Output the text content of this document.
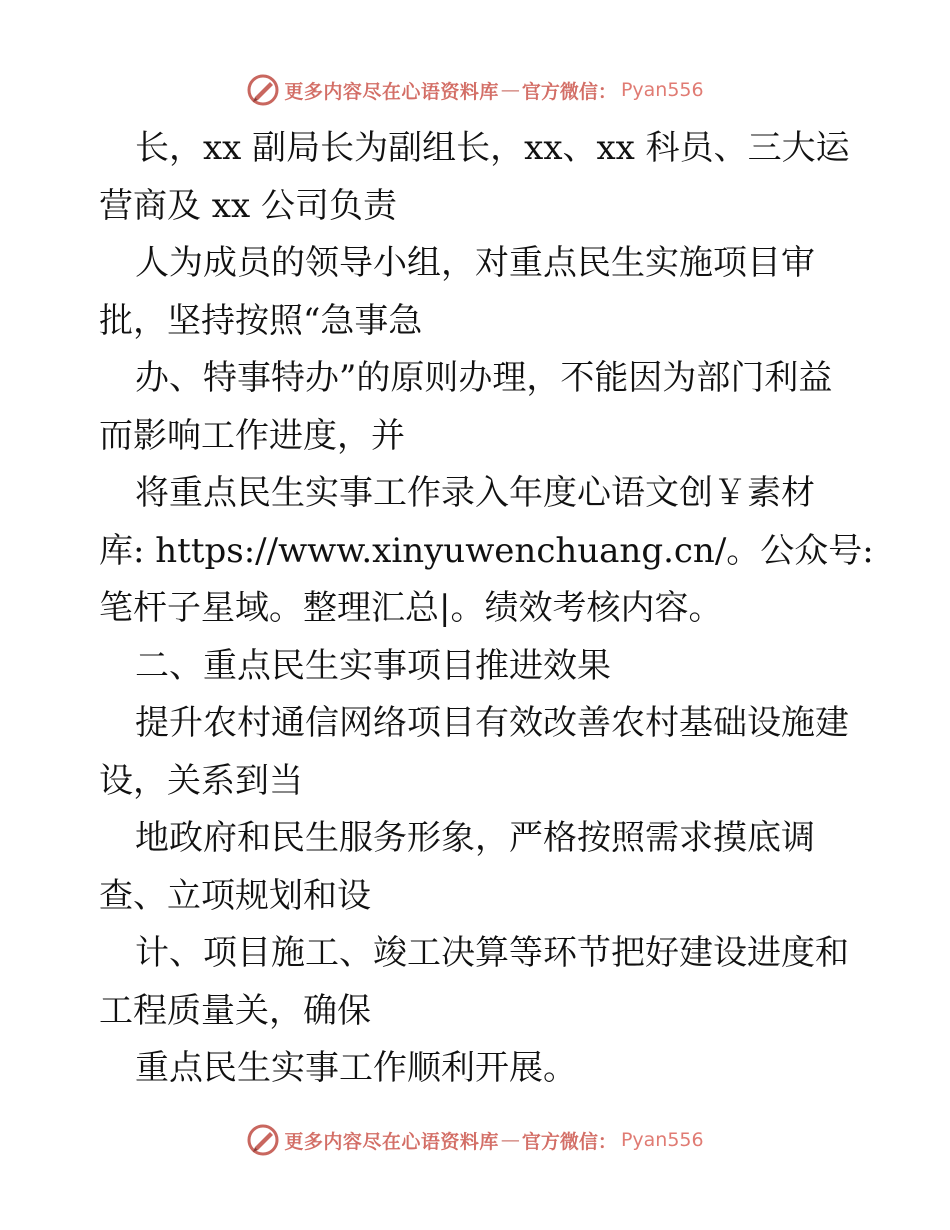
更多内容尽在心语资料库 — 官方微信： Pyan556
长，xx 副局长为副组长，xx、xx 科员、三大运
营商及 xx 公司负责
人为成员的领导小组，对重点民生实施项目审
批，坚持按照“急事急
办、特事特办”的原则办理，不能因为部门利益
而影响工作进度，并
将重点民生实事工作录入年度心语文创￥素材
库: https://www.xinyuwenchuang.cn/。公众号:
笔杆子星域。整理汇总|。绩效考核内容。
二、重点民生实事项目推进效果
提升农村通信网络项目有效改善农村基础设施建
设，关系到当
地政府和民生服务形象，严格按照需求摸底调
查、立项规划和设
计、项目施工、竣工决算等环节把好建设进度和
工程质量关，确保
重点民生实事工作顺利开展。
更多内容尽在心语资料库 — 官方微信： Pyan556
